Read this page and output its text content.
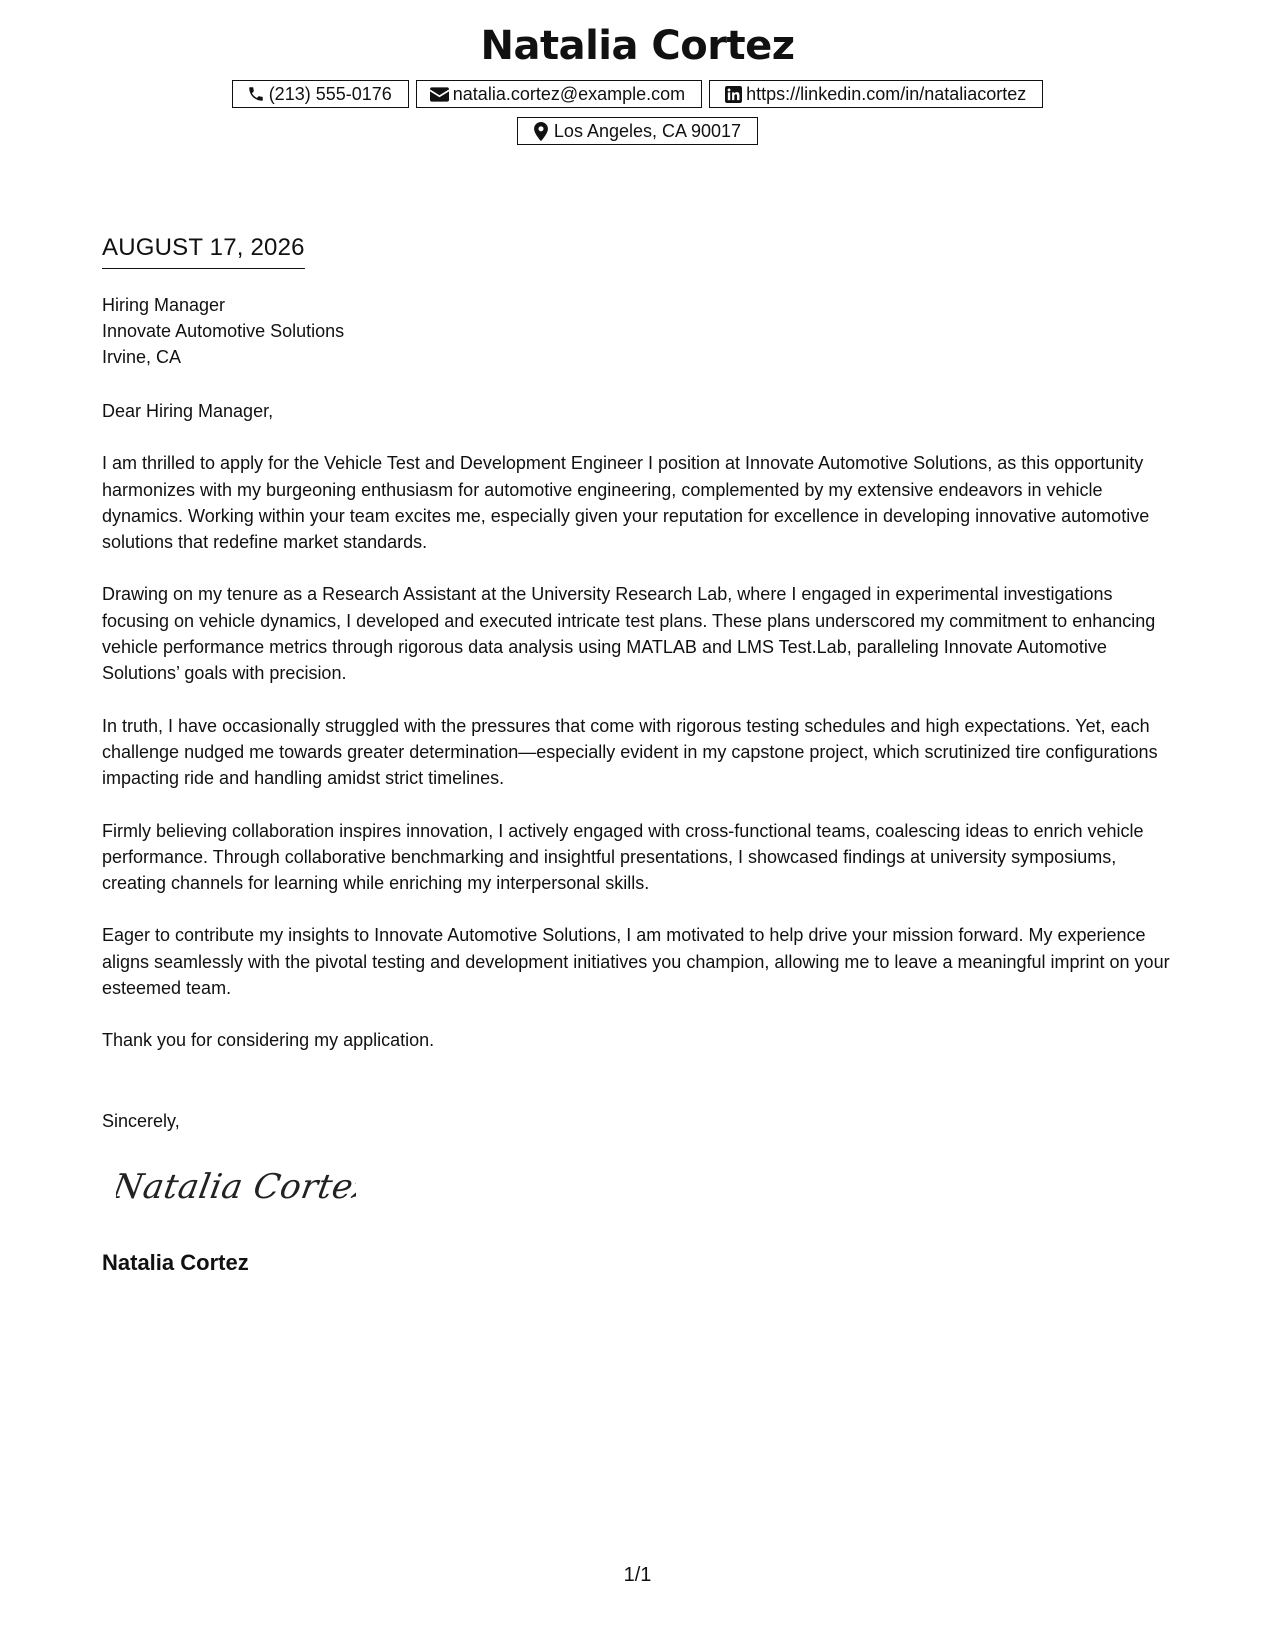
Natalia Cortez
(213) 555-0176	natalia.cortez@example.com	https://linkedin.com/in/nataliacortez
Los Angeles, CA 90017
AUGUST 17, 2026
Hiring Manager
Innovate Automotive Solutions
Irvine, CA

Dear Hiring Manager,

I am thrilled to apply for the Vehicle Test and Development Engineer I position at Innovate Automotive Solutions, as this opportunity harmonizes with my burgeoning enthusiasm for automotive engineering, complemented by my extensive endeavors in vehicle dynamics. Working within your team excites me, especially given your reputation for excellence in developing innovative automotive solutions that redefine market standards.

Drawing on my tenure as a Research Assistant at the University Research Lab, where I engaged in experimental investigations focusing on vehicle dynamics, I developed and executed intricate test plans. These plans underscored my commitment to enhancing vehicle performance metrics through rigorous data analysis using MATLAB and LMS Test.Lab, paralleling Innovate Automotive Solutions’ goals with precision.

In truth, I have occasionally struggled with the pressures that come with rigorous testing schedules and high expectations. Yet, each challenge nudged me towards greater determination—especially evident in my capstone project, which scrutinized tire configurations impacting ride and handling amidst strict timelines.

Firmly believing collaboration inspires innovation, I actively engaged with cross-functional teams, coalescing ideas to enrich vehicle performance. Through collaborative benchmarking and insightful presentations, I showcased findings at university symposiums, creating channels for learning while enriching my interpersonal skills.

Eager to contribute my insights to Innovate Automotive Solutions, I am motivated to help drive your mission forward. My experience aligns seamlessly with the pivotal testing and development initiatives you champion, allowing me to leave a meaningful imprint on your esteemed team.

Thank you for considering my application.

Sincerely,
Natalia Cortez
Natalia Cortez
1/1
